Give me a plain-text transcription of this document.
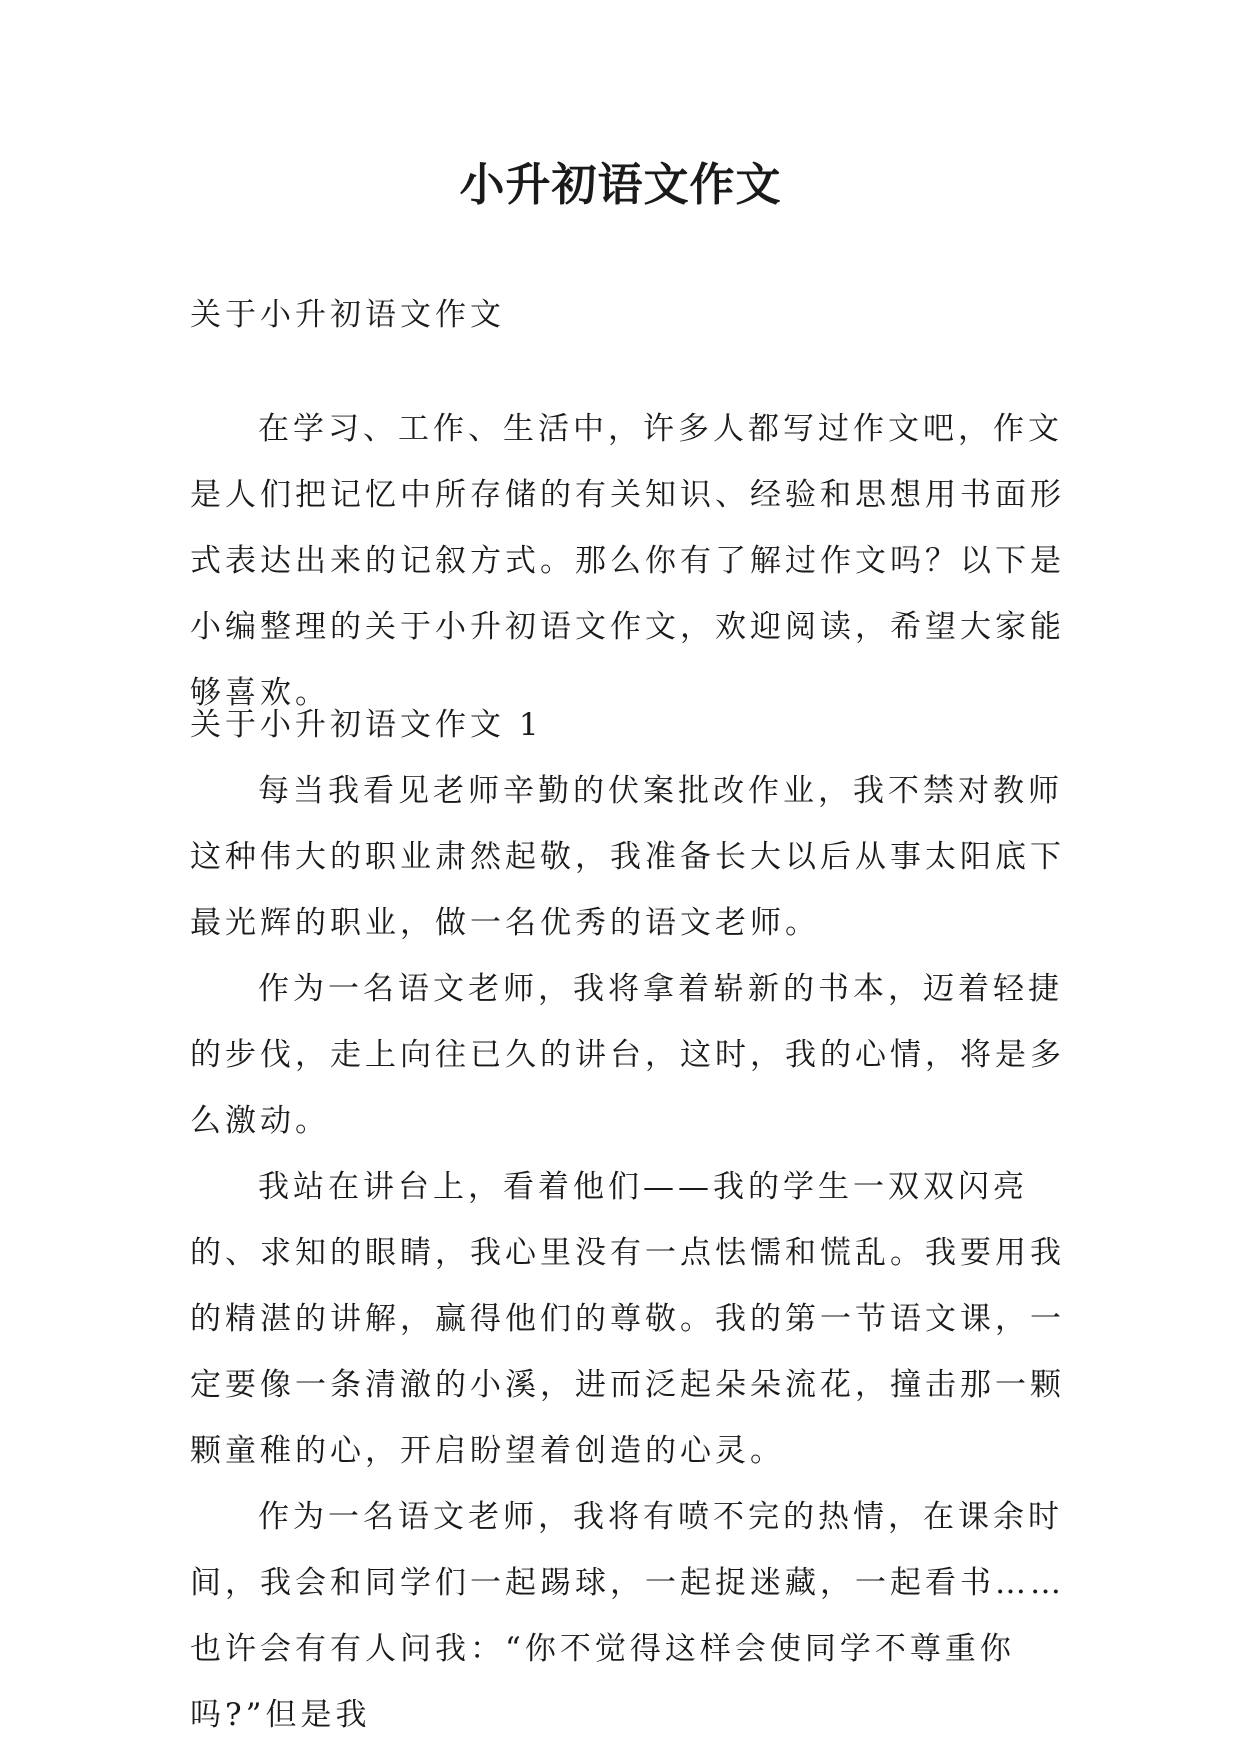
小升初语文作文
关于小升初语文作文

在学习、工作、生活中，许多人都写过作文吧，作文是人们把记忆中所存储的有关知识、经验和思想用书面形式表达出来的记叙方式。那么你有了解过作文吗？以下是小编整理的关于小升初语文作文，欢迎阅读，希望大家能够喜欢。

关于小升初语文作文 1

每当我看见老师辛勤的伏案批改作业，我不禁对教师这种伟大的职业肃然起敬，我准备长大以后从事太阳底下最光辉的职业，做一名优秀的语文老师。

作为一名语文老师，我将拿着崭新的书本，迈着轻捷的步伐，走上向往已久的讲台，这时，我的心情，将是多么激动。

我站在讲台上，看着他们——我的学生一双双闪亮的、求知的眼睛，我心里没有一点怯懦和慌乱。我要用我的精湛的讲解，赢得他们的尊敬。我的第一节语文课，一定要像一条清澈的小溪，进而泛起朵朵流花，撞击那一颗颗童稚的心，开启盼望着创造的心灵。

作为一名语文老师，我将有喷不完的热情，在课余时间，我会和同学们一起踢球，一起捉迷藏，一起看书……也许会有有人问我：“你不觉得这样会使同学不尊重你吗?”但是我
